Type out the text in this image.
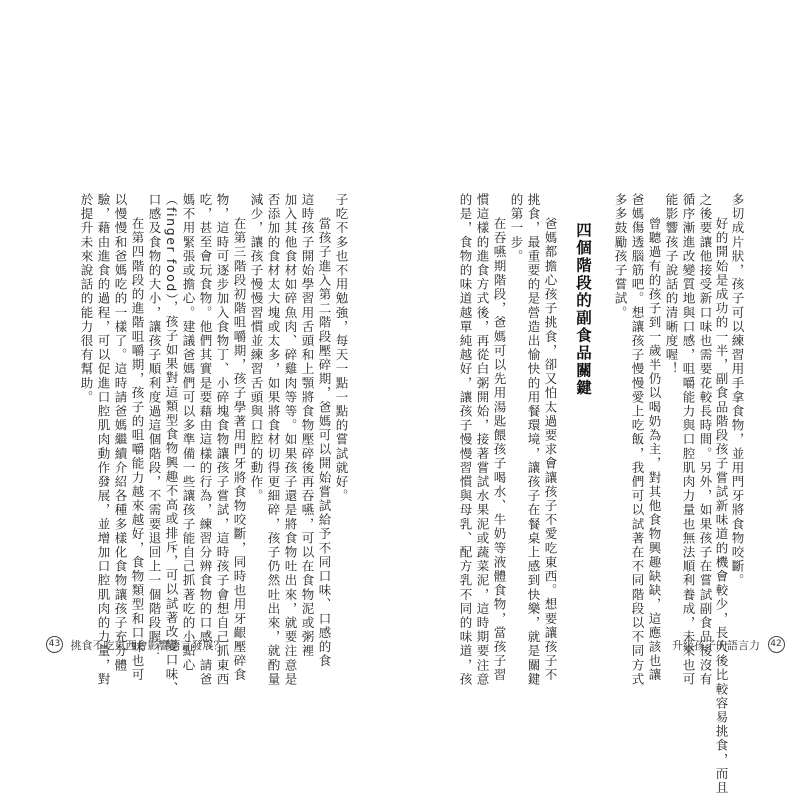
多切成片狀，孩子可以練習用手拿食物，並用門牙將食物咬斷。
好的開始是成功的一半，副食品階段孩子嘗試新味道的機會較少，長大後比較容易挑食，而且
之後要讓他接受新口味也需要花較長時間。另外，如果孩子在嘗試副食品後沒有
循序漸進改變質地與口感，咀嚼能力與口腔肌肉力量也無法順利養成，未來也可
能影響孩子說話的清晰度喔！
曾聽過有的孩子到一歲半仍以喝奶為主，對其他食物興趣缺缺，這應該也讓
爸媽傷透腦筋吧。想讓孩子慢慢愛上吃飯，我們可以試著在不同階段以不同方式
多多鼓勵孩子嘗試。
四個階段的副食品關鍵
爸媽都擔心孩子挑食，卻又怕太過要求會讓孩子不愛吃東西。想要讓孩子不
挑食，最重要的是營造出愉快的用餐環境，讓孩子在餐桌上感到快樂，就是關鍵
的第一步。
在吞嚥期階段，爸媽可以先用湯匙餵孩子喝水、牛奶等液體食物，當孩子習
慣這樣的進食方式後，再從白粥開始，接著嘗試水果泥或蔬菜泥，這時期要注意
的是，食物的味道越單純越好，讓孩子慢慢習慣與母乳、配方乳不同的味道，孩	升級孩子的語言力 42
子吃不多也不用勉強，每天一點一點的嘗試就好。
當孩子進入第二階段壓碎期，爸媽可以開始嘗試給予不同口味、口感的食
這時孩子開始學習用舌頭和上顎將食物壓碎後再吞嚥，可以在食物泥或粥裡
加入其他食材如碎魚肉、碎雞肉等等。如果孩子還是將食物吐出來，就要注意是
否添加的食材太大塊或太多，如果將食材切得更細碎，孩子仍然吐出來，就酌量
減少，讓孩子慢慢習慣並練習舌頭與口腔的動作。
在第三階段初階咀嚼期，孩子學著用門牙將食物咬斷，同時也用牙齦壓碎食
物，這時可逐步加入食物丁、小碎塊食物讓孩子嘗試，這時孩子會想自己抓東西
吃，甚至會玩食物。他們其實是要藉由這樣的行為，練習分辨食物的口感，請爸
媽不用緊張或擔心。建議爸媽們可以多準備一些讓孩子能自己抓著吃的小點心
（finger food），孩子如果對這類型食物興趣不高或排斥，可以試著改變口味、
口感及食物的大小，讓孩子順利度過這個階段，不需要退回上一個階段喔！
在第四階段的進階咀嚼期，孩子的咀嚼能力越來越好，食物類型和口味也可
以慢慢和爸媽吃的一樣了。這時請爸媽繼續介紹各種多樣化食物讓孩子充分體
驗，藉由進食的過程，可以促進口腔肌肉動作發展，並增加口腔肌肉的力量，對
於提升未來說話的能力很有幫助。
43 挑食不吃東西會影響語言發展？
